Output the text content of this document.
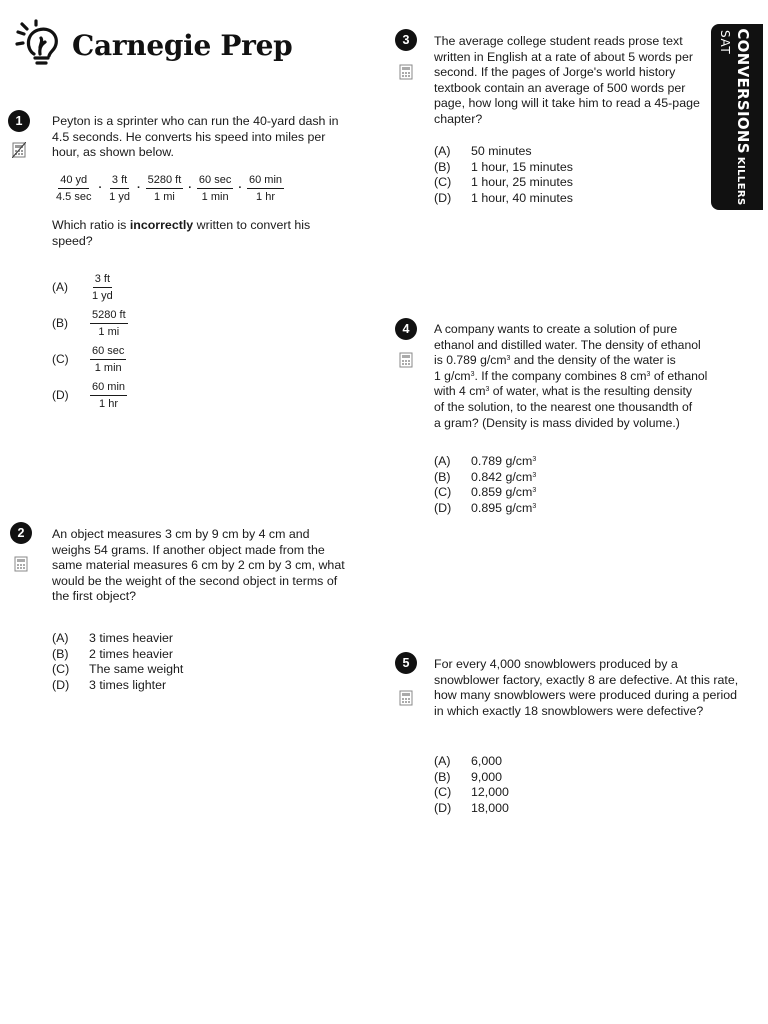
Carnegie Prep	CONVERSIONSKILLERS
SAT
1	Peyton is a sprinter who can run the 40-yard dash in 4.5 seconds. He converts his speed into miles per hour, as shown below.
$\frac{40 yd}{4.5 \sec} \cdot \frac{3 ft}{1 yd} \cdot \frac{5280 ft}{1 mi} \cdot \frac{60 \sec}{1 \min} \cdot \frac{60 \min}{1 hr}$
Which ratio is incorrectly written to convert his speed?
(A)	$\frac{3 ft}{1 yd}$
(B)	$\frac{5280 ft}{1 mi}$
(C)	$\frac{60 \sec}{1 \min}$
(D)	$\frac{60 \min}{1 hr}$
2	An object measures 3 cm by 9 cm by 4 cm and weighs 54 grams. If another object made from the same material measures 6 cm by 2 cm by 3 cm, what would be the weight of the second object in terms of the first object?
(A)	3 times heavier
(B)	2 times heavier
(C)	The same weight
(D)	3 times lighter
3	The average college student reads prose text written in English at a rate of about 5 words per second. If the pages of Jorge's world history textbook contain an average of 500 words per page, how long will it take him to read a 45-page chapter?
(A)	50 minutes
(B)	1 hour, 15 minutes
(C)	1 hour, 25 minutes
(D)	1 hour, 40 minutes
4	A company wants to create a solution of pure
ethanol and distilled water. The density of ethanol
is 0.789 $g/cm^3$ and the density of the water is
1 $g/cm^3$. If the company combines 8 $cm^3$ of ethanol
with 4 $cm^3$ of water, what is the resulting density
of the solution, to the nearest one thousandth of
a gram? (Density is mass divided by volume.)
(A)	0.789 $g/cm^3$
(B)	0.842 $g/cm^3$
(C)	0.859 $g/cm^3$
(D)	0.895 $g/cm^3$
5	For every 4,000 snowblowers produced by a snowblower factory, exactly 8 are defective. At this rate, how many snowblowers were produced during a period in which exactly 18 snowblowers were defective?
(A)	6,000
(B)	9,000
(C)	12,000
(D)	18,000
